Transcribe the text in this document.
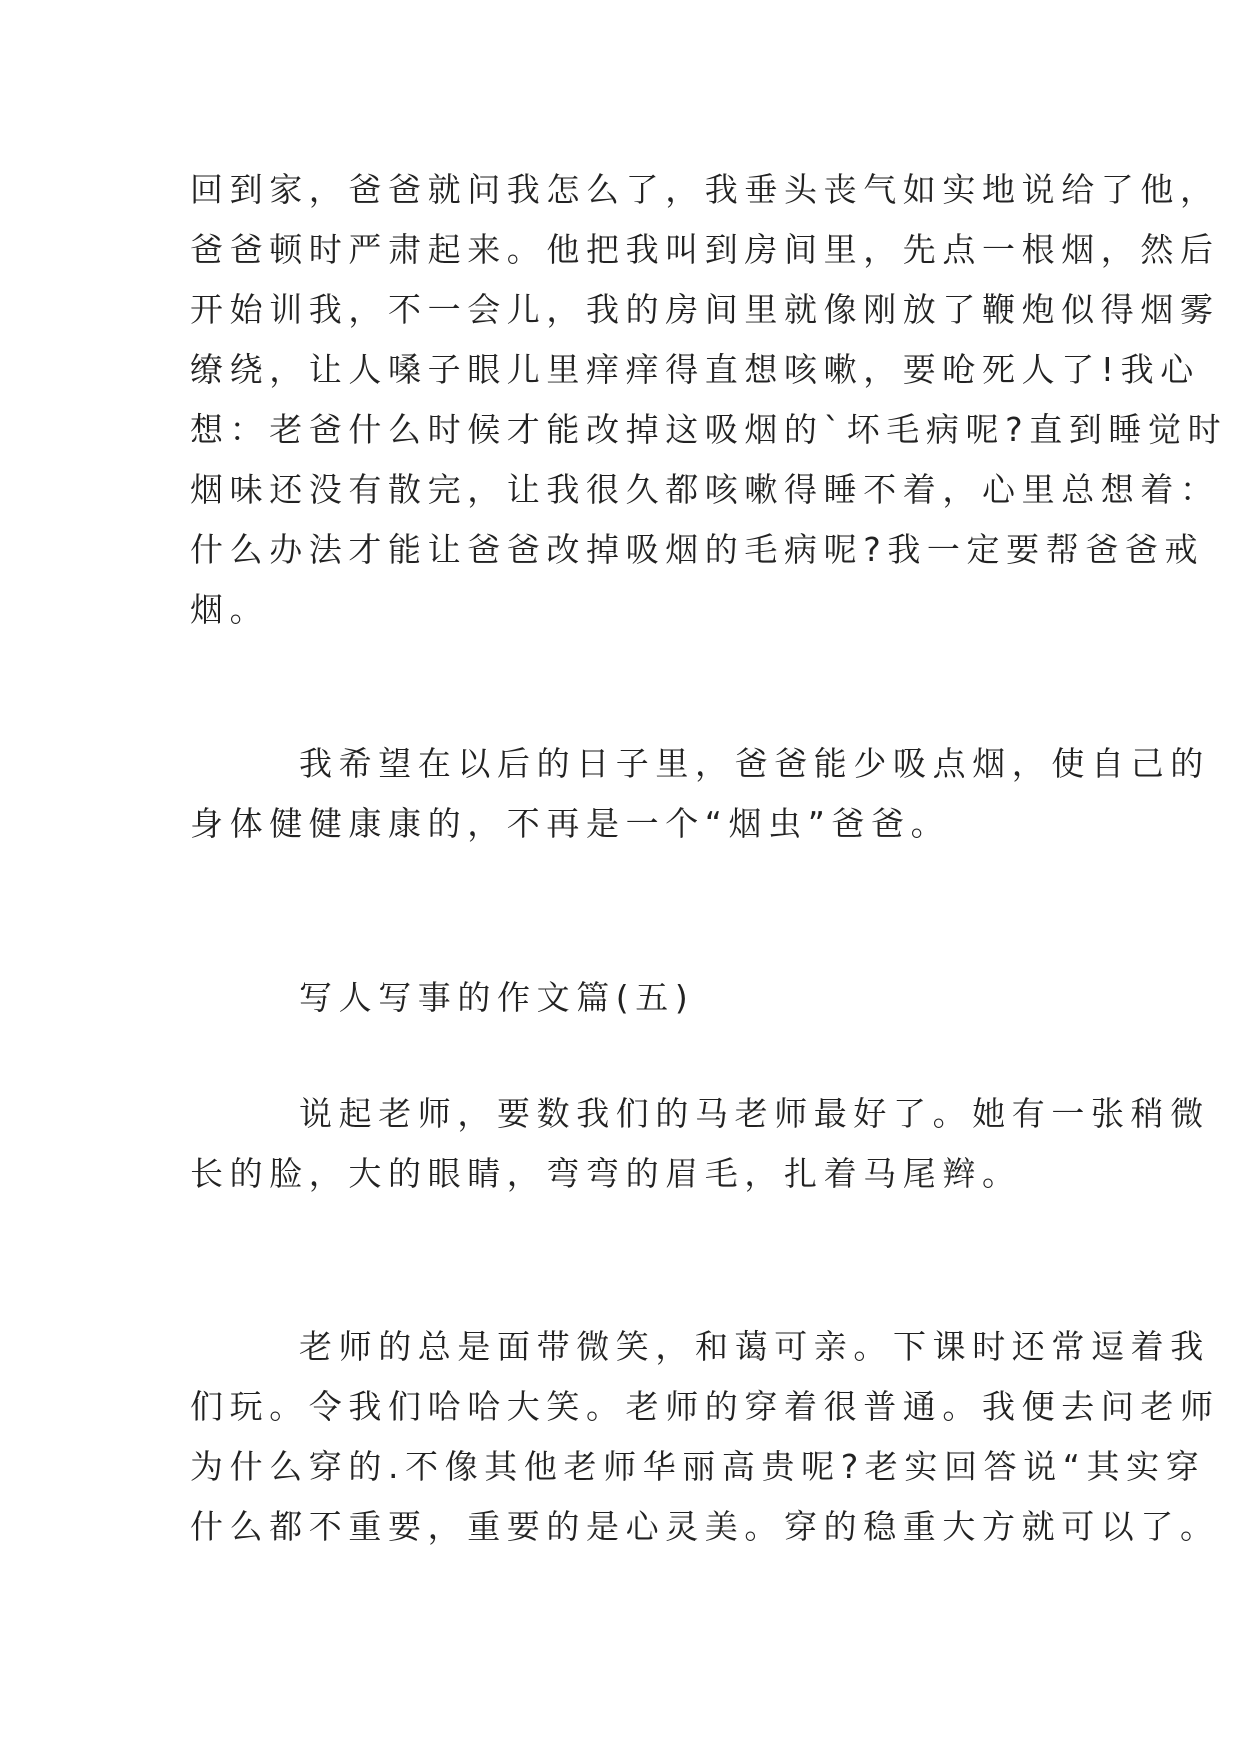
回到家，爸爸就问我怎么了，我垂头丧气如实地说给了他，

爸爸顿时严肃起来。他把我叫到房间里，先点一根烟，然后

开始训我，不一会儿，我的房间里就像刚放了鞭炮似得烟雾

缭绕，让人嗓子眼儿里痒痒得直想咳嗽，要呛死人了!我心

想：老爸什么时候才能改掉这吸烟的`坏毛病呢?直到睡觉时

烟味还没有散完，让我很久都咳嗽得睡不着，心里总想着：

什么办法才能让爸爸改掉吸烟的毛病呢?我一定要帮爸爸戒

烟。

我希望在以后的日子里，爸爸能少吸点烟，使自己的

身体健健康康的，不再是一个“烟虫”爸爸。

写人写事的作文篇(五)

说起老师，要数我们的马老师最好了。她有一张稍微

长的脸，大的眼睛，弯弯的眉毛，扎着马尾辫。

老师的总是面带微笑，和蔼可亲。下课时还常逗着我

们玩。令我们哈哈大笑。老师的穿着很普通。我便去问老师

为什么穿的.不像其他老师华丽高贵呢?老实回答说“其实穿

什么都不重要，重要的是心灵美。穿的稳重大方就可以了。
